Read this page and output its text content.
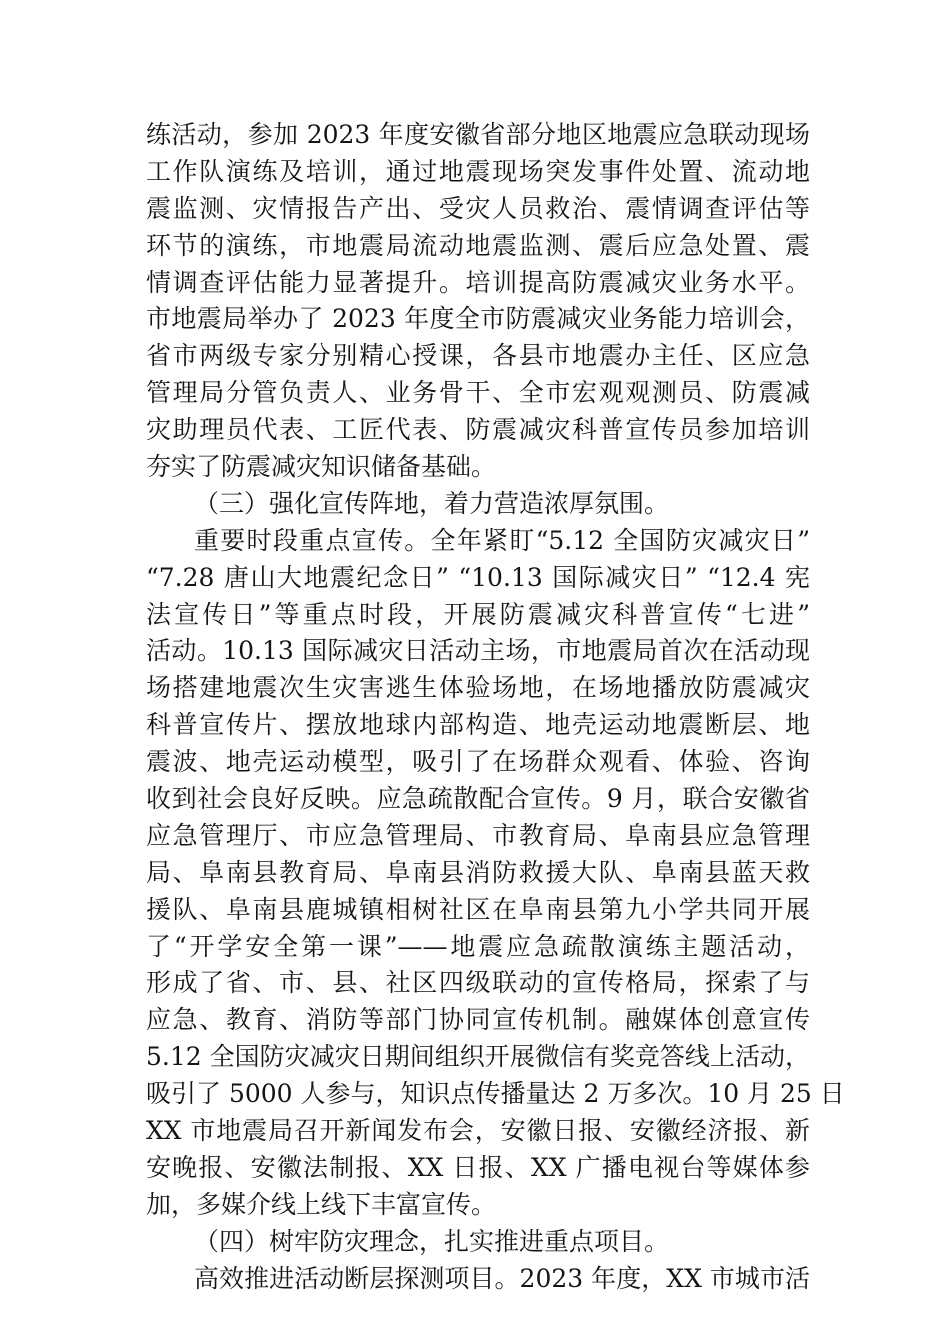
练活动，参加 2023 年度安徽省部分地区地震应急联动现场
工作队演练及培训，通过地震现场突发事件处置、流动地
震监测、灾情报告产出、受灾人员救治、震情调查评估等
环节的演练，市地震局流动地震监测、震后应急处置、震
情调查评估能力显著提升。培训提高防震减灾业务水平。
市地震局举办了 2023 年度全市防震减灾业务能力培训会，
省市两级专家分别精心授课，各县市地震办主任、区应急
管理局分管负责人、业务骨干、全市宏观观测员、防震减
灾助理员代表、工匠代表、防震减灾科普宣传员参加培训
夯实了防震减灾知识储备基础。
（三）强化宣传阵地，着力营造浓厚氛围。
重要时段重点宣传。全年紧盯“5.12 全国防灾减灾日”
“7.28 唐山大地震纪念日” “10.13 国际减灾日” “12.4 宪
法宣传日”等重点时段，开展防震减灾科普宣传“七进”
活动。10.13 国际减灾日活动主场，市地震局首次在活动现
场搭建地震次生灾害逃生体验场地，在场地播放防震减灾
科普宣传片、摆放地球内部构造、地壳运动地震断层、地
震波、地壳运动模型，吸引了在场群众观看、体验、咨询
收到社会良好反映。应急疏散配合宣传。9 月，联合安徽省
应急管理厅、市应急管理局、市教育局、阜南县应急管理
局、阜南县教育局、阜南县消防救援大队、阜南县蓝天救
援队、阜南县鹿城镇相树社区在阜南县第九小学共同开展
了“开学安全第一课”——地震应急疏散演练主题活动，
形成了省、市、县、社区四级联动的宣传格局，探索了与
应急、教育、消防等部门协同宣传机制。融媒体创意宣传
5.12 全国防灾减灾日期间组织开展微信有奖竞答线上活动，
吸引了 5000 人参与，知识点传播量达 2 万多次。10 月 25 日
XX 市地震局召开新闻发布会，安徽日报、安徽经济报、新
安晚报、安徽法制报、XX 日报、XX 广播电视台等媒体参
加，多媒介线上线下丰富宣传。
（四）树牢防灾理念，扎实推进重点项目。
高效推进活动断层探测项目。2023 年度，XX 市城市活
